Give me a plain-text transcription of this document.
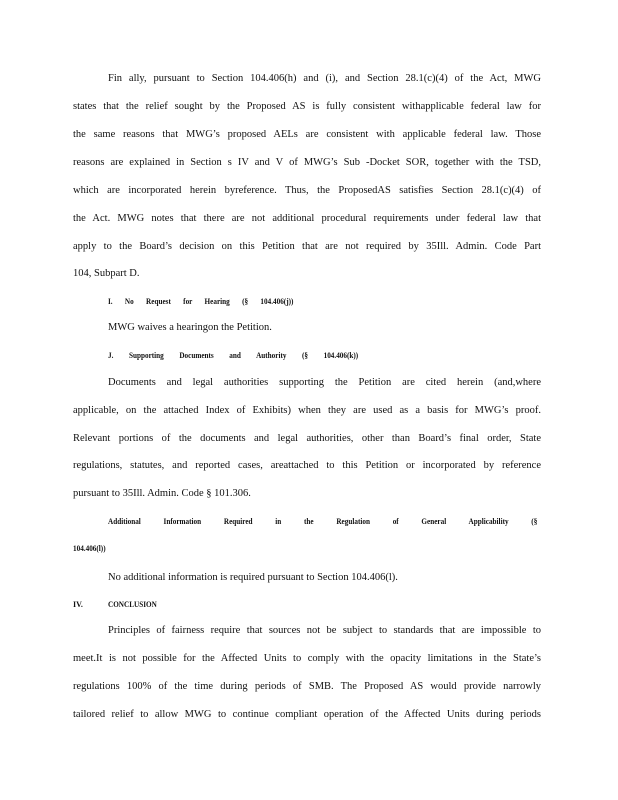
Fin ally, pursuant to Section 104.406(h) and (i), and Section 28.1(c)(4) of the Act, MWG
states that the relief sought by the Proposed AS is fully consistent withapplicable federal law for
the same reasons that MWG’s proposed AELs are consistent with applicable federal law. Those
reasons are explained in Section s IV and V of MWG’s Sub -Docket SOR, together with the TSD,
which are incorporated herein byreference. Thus, the ProposedAS satisfies Section 28.1(c)(4) of
the Act. MWG notes that there are not additional procedural requirements under federal law that
apply to the Board’s decision on this Petition that are not required by 35Ill. Admin. Code Part
104, Subpart D.
I. No Request for Hearing (§ 104.406(j))
MWG waives a hearingon the Petition.
J. Supporting Documents and Authority (§ 104.406(k))
Documents and legal authorities supporting the Petition are cited herein (and,where
applicable, on the attached Index of Exhibits) when they are used as a basis for MWG’s proof.
Relevant portions of the documents and legal authorities, other than Board’s final order, State
regulations, statutes, and reported cases, areattached to this Petition or incorporated by reference
pursuant to 35Ill. Admin. Code § 101.306.
Additional Information Required in the Regulation of General Applicability (§
104.406(l))
No additional information is required pursuant to Section 104.406(l).
IV.	CONCLUSION
Principles of fairness require that sources not be subject to standards that are impossible to
meet.It is not possible for the Affected Units to comply with the opacity limitations in the State’s
regulations 100% of the time during periods of SMB. The Proposed AS would provide narrowly
tailored relief to allow MWG to continue compliant operation of the Affected Units during periods
